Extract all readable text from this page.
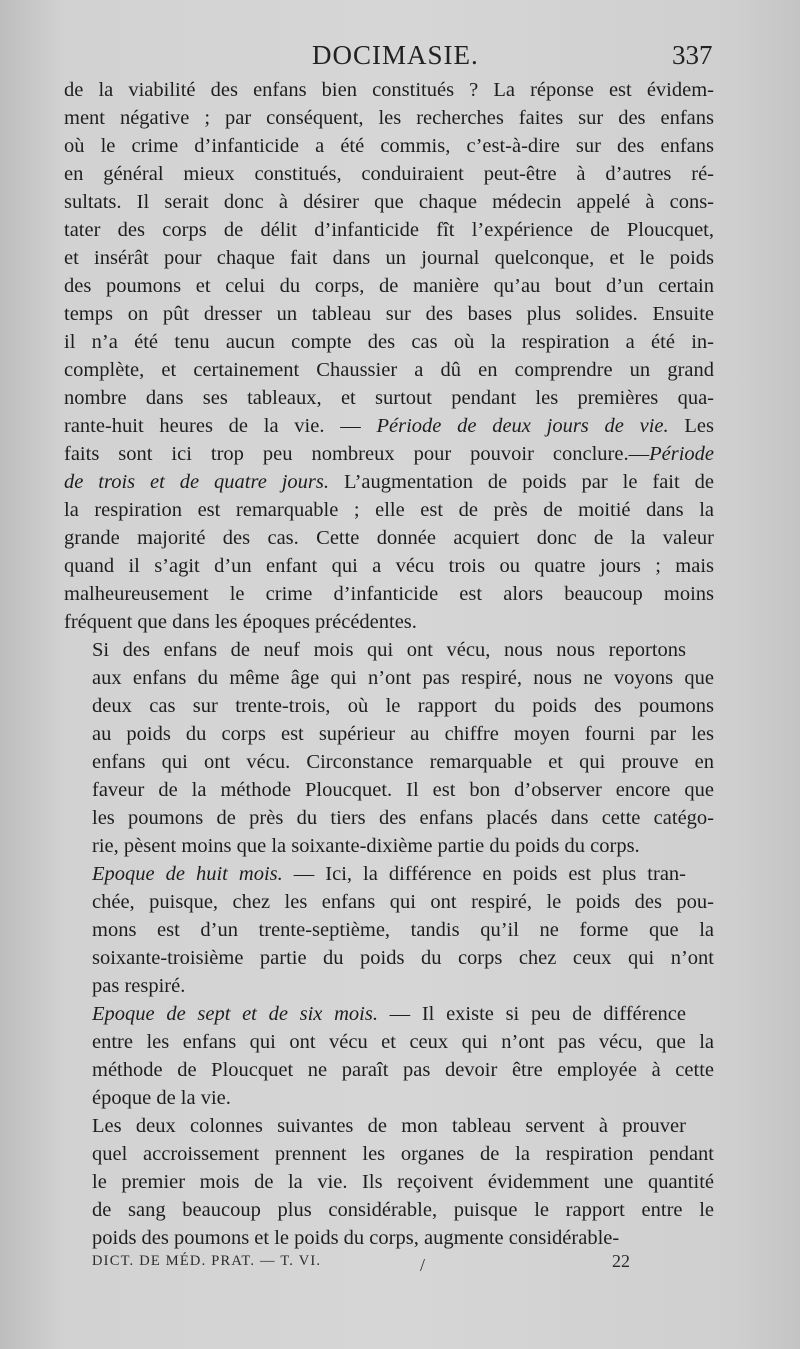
DOCIMASIE.	337

de la viabilité des enfans bien constitués ? La réponse est évidem-
ment négative ; par conséquent, les recherches faites sur des enfans
où le crime d’infanticide a été commis, c’est-à-dire sur des enfans
en général mieux constitués, conduiraient peut-être à d’autres ré-
sultats. Il serait donc à désirer que chaque médecin appelé à cons-
tater des corps de délit d’infanticide fît l’expérience de Ploucquet,
et insérât pour chaque fait dans un journal quelconque, et le poids
des poumons et celui du corps, de manière qu’au bout d’un certain
temps on pût dresser un tableau sur des bases plus solides. Ensuite
il n’a été tenu aucun compte des cas où la respiration a été in-
complète, et certainement Chaussier a dû en comprendre un grand
nombre dans ses tableaux, et surtout pendant les premières qua-
rante-huit heures de la vie. — Période de deux jours de vie. Les
faits sont ici trop peu nombreux pour pouvoir conclure.—Période
de trois et de quatre jours. L’augmentation de poids par le fait de
la respiration est remarquable ; elle est de près de moitié dans la
grande majorité des cas. Cette donnée acquiert donc de la valeur
quand il s’agit d’un enfant qui a vécu trois ou quatre jours ; mais
malheureusement le crime d’infanticide est alors beaucoup moins
fréquent que dans les époques précédentes.

Si des enfans de neuf mois qui ont vécu, nous nous reportons
aux enfans du même âge qui n’ont pas respiré, nous ne voyons que
deux cas sur trente-trois, où le rapport du poids des poumons
au poids du corps est supérieur au chiffre moyen fourni par les
enfans qui ont vécu. Circonstance remarquable et qui prouve en
faveur de la méthode Ploucquet. Il est bon d’observer encore que
les poumons de près du tiers des enfans placés dans cette catégo-
rie, pèsent moins que la soixante-dixième partie du poids du corps.

Epoque de huit mois. — Ici, la différence en poids est plus tran-
chée, puisque, chez les enfans qui ont respiré, le poids des pou-
mons est d’un trente-septième, tandis qu’il ne forme que la
soixante-troisième partie du poids du corps chez ceux qui n’ont
pas respiré.

Epoque de sept et de six mois. — Il existe si peu de différence
entre les enfans qui ont vécu et ceux qui n’ont pas vécu, que la
méthode de Ploucquet ne paraît pas devoir être employée à cette
époque de la vie.

Les deux colonnes suivantes de mon tableau servent à prouver
quel accroissement prennent les organes de la respiration pendant
le premier mois de la vie. Ils reçoivent évidemment une quantité
de sang beaucoup plus considérable, puisque le rapport entre le
poids des poumons et le poids du corps, augmente considérable-

DICT. DE MÉD. PRAT. — T. VI.	/	22
